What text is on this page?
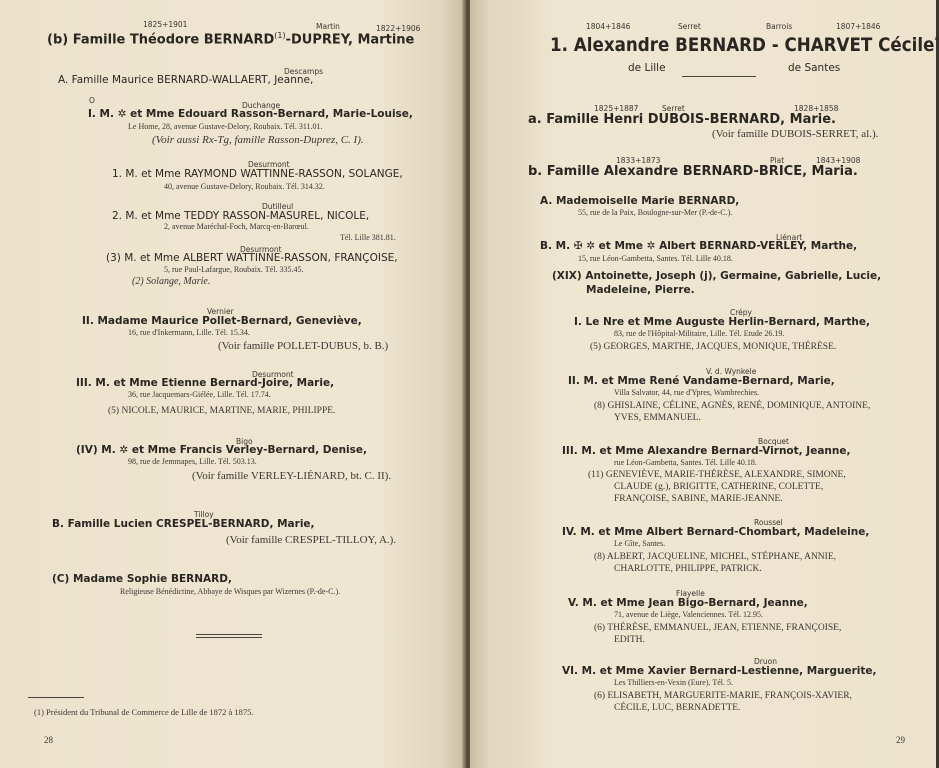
1825+1901	Martin	1822+1906
(b) Famille Théodore BERNARD$^{(1)}$-DUPREY, Martine
Descamps
A. Famille Maurice BERNARD-WALLAERT, Jeanne,
O
Duchange
I. M. ✲ et Mme Edouard Rasson-Bernard, Marie-Louise,
Le Home, 28, avenue Gustave-Delory, Roubaix. Tél. 311.01.
(Voir aussi Rx-Tg, famille Rasson-Duprez, C. I).
Desurmont
1. M. et Mme RAYMOND WATTINNE-RASSON, SOLANGE,
40, avenue Gustave-Delory, Roubaix. Tél. 314.32.
Dutilleul
2. M. et Mme TEDDY RASSON-MASUREL, NICOLE,
2, avenue Maréchal-Foch, Marcq-en-Barœul.
Tél. Lille 381.81.
Desurmont
(3) M. et Mme ALBERT WATTINNE-RASSON, FRANÇOISE,
5, rue Paul-Lafargue, Roubaix. Tél. 335.45.
(2) Solange, Marie.
Vernier
II. Madame Maurice Pollet-Bernard, Geneviève,
16, rue d'Inkermann, Lille. Tél. 15.34.
(Voir famille POLLET-DUBUS, b. B.)
Desurmont
III. M. et Mme Etienne Bernard-Joire, Marie,
36, rue Jacquemars-Giélée, Lille. Tél. 17.74.
(5) NICOLE, MAURICE, MARTINE, MARIE, PHILIPPE.
Bigo
(IV) M. ✲ et Mme Francis Verley-Bernard, Denise,
98, rue de Jemmapes, Lille. Tél. 503.13.
(Voir famille VERLEY-LIÉNARD, bt. C. II).
Tilloy
B. Famille Lucien CRESPEL-BERNARD, Marie,
(Voir famille CRESPEL-TILLOY, A.).
(C) Madame Sophie BERNARD,
Religieuse Bénédictine, Abbaye de Wisques par Wizernes (P.-de-C.).
(1) Président du Tribunal de Commerce de Lille de 1872 à 1875.
28
1804+1846	Serret	Barrois	1807+1846
1. Alexandre BERNARD - CHARVET Cécile*
de Lille	de Santes
1825+1887	Serret	1828+1858
a. Famille Henri DUBOIS-BERNARD, Marie.
(Voir famille DUBOIS-SERRET, al.).
1833+1873	Plat	1843+1908
b. Famille Alexandre BERNARD-BRICE, Maria.
A. Mademoiselle Marie BERNARD,
55, rue de la Paix, Boulogne-sur-Mer (P.-de-C.).
Liénart
B. M. ✠ ✲ et Mme ✲ Albert BERNARD-VERLEY, Marthe,
15, rue Léon-Gambetta, Santes. Tél. Lille 40.18.
(XIX) Antoinette, Joseph (j), Germaine, Gabrielle, Lucie,
Madeleine, Pierre.
Crépy
I. Le Nre et Mme Auguste Herlin-Bernard, Marthe,
83, rue de l'Hôpital-Militaire, Lille. Tél. Etude 26.19.
(5) GEORGES, MARTHE, JACQUES, MONIQUE, THÉRÈSE.
V. d. Wynkele
II. M. et Mme René Vandame-Bernard, Marie,
Villa Salvator, 44, rue d'Ypres, Wambrechies.
(8) GHISLAINE, CÉLINE, AGNÈS, RENÉ, DOMINIQUE, ANTOINE,
YVES, EMMANUEL.
Bocquet
III. M. et Mme Alexandre Bernard-Virnot, Jeanne,
rue Léon-Gambetta, Santes. Tél. Lille 40.18.
(11) GENEVIÈVE, MARIE-THÉRÈSE, ALEXANDRE, SIMONE,
CLAUDE (g.), BRIGITTE, CATHERINE, COLETTE,
FRANÇOISE, SABINE, MARIE-JEANNE.
Roussel
IV. M. et Mme Albert Bernard-Chombart, Madeleine,
Le Gîte, Santes.
(8) ALBERT, JACQUELINE, MICHEL, STÉPHANE, ANNIE,
CHARLOTTE, PHILIPPE, PATRICK.
Flayelle
V. M. et Mme Jean Bigo-Bernard, Jeanne,
71, avenue de Liège, Valenciennes. Tél. 12.95.
(6) THÉRÈSE, EMMANUEL, JEAN, ETIENNE, FRANÇOISE,
EDITH.
Druon
VI. M. et Mme Xavier Bernard-Lestienne, Marguerite,
Les Thilliers-en-Vexin (Eure). Tél. 5.
(6) ELISABETH, MARGUERITE-MARIE, FRANÇOIS-XAVIER,
CÉCILE, LUC, BERNADETTE.
29
